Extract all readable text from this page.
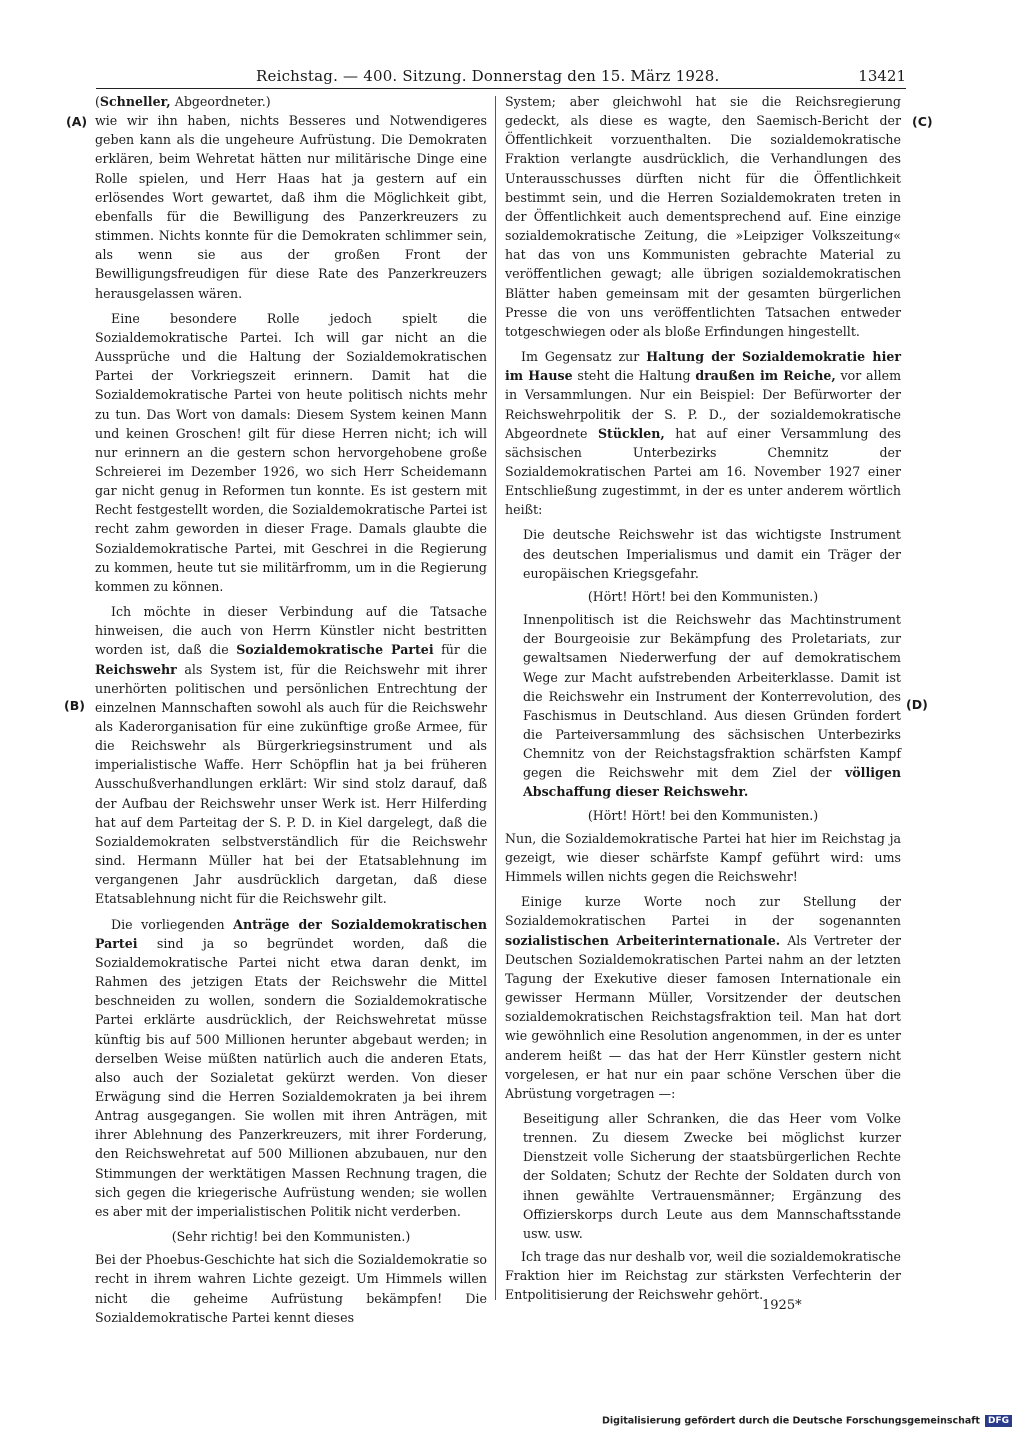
Reichstag. — 400. Sitzung. Donnerstag den 15. März 1928.	13421
(A)
(B)
(C)
(D)

(Schneller, Abgeordneter.)

wie wir ihn haben, nichts Besseres und Notwendigeres geben kann als die ungeheure Aufrüstung. Die Demokraten erklären, beim Wehretat hätten nur militärische Dinge eine Rolle spielen, und Herr Haas hat ja gestern auf ein erlösendes Wort gewartet, daß ihm die Möglichkeit gibt, ebenfalls für die Bewilligung des Panzerkreuzers zu stimmen. Nichts konnte für die Demokraten schlimmer sein, als wenn sie aus der großen Front der Bewilligungsfreudigen für diese Rate des Panzerkreuzers herausgelassen wären.

Eine besondere Rolle jedoch spielt die Sozialdemokratische Partei. Ich will gar nicht an die Aussprüche und die Haltung der Sozialdemokratischen Partei der Vorkriegszeit erinnern. Damit hat die Sozialdemokratische Partei von heute politisch nichts mehr zu tun. Das Wort von damals: Diesem System keinen Mann und keinen Groschen! gilt für diese Herren nicht; ich will nur erinnern an die gestern schon hervorgehobene große Schreierei im Dezember 1926, wo sich Herr Scheidemann gar nicht genug in Reformen tun konnte. Es ist gestern mit Recht festgestellt worden, die Sozialdemokratische Partei ist recht zahm geworden in dieser Frage. Damals glaubte die Sozialdemokratische Partei, mit Geschrei in die Regierung zu kommen, heute tut sie militärfromm, um in die Regierung kommen zu können.

Ich möchte in dieser Verbindung auf die Tatsache hinweisen, die auch von Herrn Künstler nicht bestritten worden ist, daß die Sozialdemokratische Partei für die Reichswehr als System ist, für die Reichswehr mit ihrer unerhörten politischen und persönlichen Entrechtung der einzelnen Mannschaften sowohl als auch für die Reichswehr als Kaderorganisation für eine zukünftige große Armee, für die Reichswehr als Bürgerkriegsinstrument und als imperialistische Waffe. Herr Schöpflin hat ja bei früheren Ausschußverhandlungen erklärt: Wir sind stolz darauf, daß der Aufbau der Reichswehr unser Werk ist. Herr Hilferding hat auf dem Parteitag der S. P. D. in Kiel dargelegt, daß die Sozialdemokraten selbstverständlich für die Reichswehr sind. Hermann Müller hat bei der Etatsablehnung im vergangenen Jahr ausdrücklich dargetan, daß diese Etatsablehnung nicht für die Reichswehr gilt.

Die vorliegenden Anträge der Sozialdemokratischen Partei sind ja so begründet worden, daß die Sozialdemokratische Partei nicht etwa daran denkt, im Rahmen des jetzigen Etats der Reichswehr die Mittel beschneiden zu wollen, sondern die Sozialdemokratische Partei erklärte ausdrücklich, der Reichswehretat müsse künftig bis auf 500 Millionen herunter abgebaut werden; in derselben Weise müßten natürlich auch die anderen Etats, also auch der Sozialetat gekürzt werden. Von dieser Erwägung sind die Herren Sozialdemokraten ja bei ihrem Antrag ausgegangen. Sie wollen mit ihren Anträgen, mit ihrer Ablehnung des Panzerkreuzers, mit ihrer Forderung, den Reichswehretat auf 500 Millionen abzubauen, nur den Stimmungen der werktätigen Massen Rechnung tragen, die sich gegen die kriegerische Aufrüstung wenden; sie wollen es aber mit der imperialistischen Politik nicht verderben.

(Sehr richtig! bei den Kommunisten.)

Bei der Phoebus-Geschichte hat sich die Sozialdemokratie so recht in ihrem wahren Lichte gezeigt. Um Himmels willen nicht die geheime Aufrüstung bekämpfen! Die Sozialdemokratische Partei kennt dieses

System; aber gleichwohl hat sie die Reichsregierung gedeckt, als diese es wagte, den Saemisch-Bericht der Öffentlichkeit vorzuenthalten. Die sozialdemokratische Fraktion verlangte ausdrücklich, die Verhandlungen des Unterausschusses dürften nicht für die Öffentlichkeit bestimmt sein, und die Herren Sozialdemokraten treten in der Öffentlichkeit auch dementsprechend auf. Eine einzige sozialdemokratische Zeitung, die »Leipziger Volkszeitung« hat das von uns Kommunisten gebrachte Material zu veröffentlichen gewagt; alle übrigen sozialdemokratischen Blätter haben gemeinsam mit der gesamten bürgerlichen Presse die von uns veröffentlichten Tatsachen entweder totgeschwiegen oder als bloße Erfindungen hingestellt.

Im Gegensatz zur Haltung der Sozialdemokratie hier im Hause steht die Haltung draußen im Reiche, vor allem in Versammlungen. Nur ein Beispiel: Der Befürworter der Reichswehrpolitik der S. P. D., der sozialdemokratische Abgeordnete Stücklen, hat auf einer Versammlung des sächsischen Unterbezirks Chemnitz der Sozialdemokratischen Partei am 16. November 1927 einer Entschließung zugestimmt, in der es unter anderem wörtlich heißt:

Die deutsche Reichswehr ist das wichtigste Instrument des deutschen Imperialismus und damit ein Träger der europäischen Kriegsgefahr.

(Hört! Hört! bei den Kommunisten.)

Innenpolitisch ist die Reichswehr das Machtinstrument der Bourgeoisie zur Bekämpfung des Proletariats, zur gewaltsamen Niederwerfung der auf demokratischem Wege zur Macht aufstrebenden Arbeiterklasse. Damit ist die Reichswehr ein Instrument der Konterrevolution, des Faschismus in Deutschland. Aus diesen Gründen fordert die Parteiversammlung des sächsischen Unterbezirks Chemnitz von der Reichstagsfraktion schärfsten Kampf gegen die Reichswehr mit dem Ziel der völligen Abschaffung dieser Reichswehr.

(Hört! Hört! bei den Kommunisten.)

Nun, die Sozialdemokratische Partei hat hier im Reichstag ja gezeigt, wie dieser schärfste Kampf geführt wird: ums Himmels willen nichts gegen die Reichswehr!

Einige kurze Worte noch zur Stellung der Sozialdemokratischen Partei in der sogenannten sozialistischen Arbeiterinternationale. Als Vertreter der Deutschen Sozialdemokratischen Partei nahm an der letzten Tagung der Exekutive dieser famosen Internationale ein gewisser Hermann Müller, Vorsitzender der deutschen sozialdemokratischen Reichstagsfraktion teil. Man hat dort wie gewöhnlich eine Resolution angenommen, in der es unter anderem heißt — das hat der Herr Künstler gestern nicht vorgelesen, er hat nur ein paar schöne Verschen über die Abrüstung vorgetragen —:

Beseitigung aller Schranken, die das Heer vom Volke trennen. Zu diesem Zwecke bei möglichst kurzer Dienstzeit volle Sicherung der staatsbürgerlichen Rechte der Soldaten; Schutz der Rechte der Soldaten durch von ihnen gewählte Vertrauensmänner; Ergänzung des Offizierskorps durch Leute aus dem Mannschaftsstande usw. usw.

Ich trage das nur deshalb vor, weil die sozialdemokratische Fraktion hier im Reichstag zur stärksten Verfechterin der Entpolitisierung der Reichswehr gehört.

1925*
Digitalisierung gefördert durch die Deutsche Forschungsgemeinschaft DFG
